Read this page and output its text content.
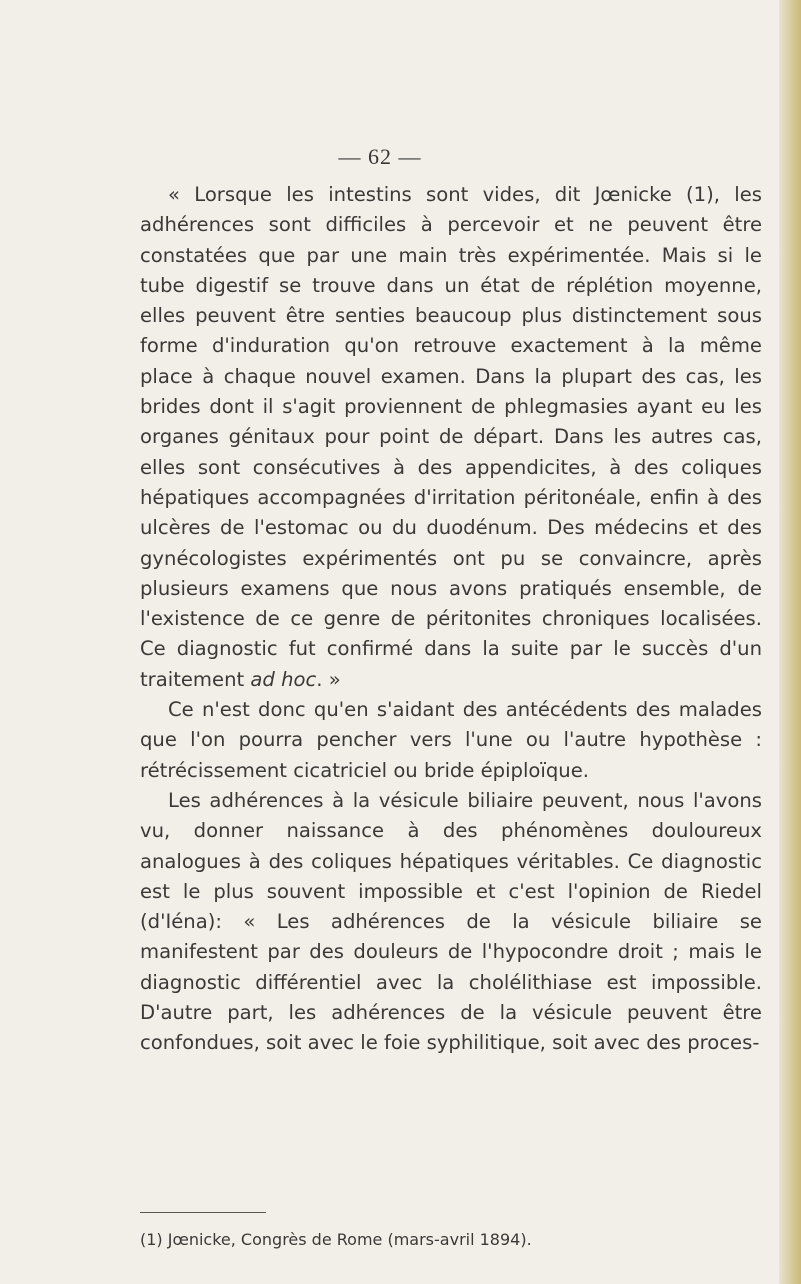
— 62 —

« Lorsque les intestins sont vides, dit Jœnicke (1), les adhérences sont difficiles à percevoir et ne peuvent être constatées que par une main très expérimentée. Mais si le tube digestif se trouve dans un état de réplétion moyenne, elles peuvent être senties beaucoup plus distinctement sous forme d'induration qu'on retrouve exactement à la même place à chaque nouvel examen. Dans la plupart des cas, les brides dont il s'agit proviennent de phlegmasies ayant eu les organes génitaux pour point de départ. Dans les autres cas, elles sont consécutives à des appendicites, à des coliques hépatiques accompagnées d'irritation péritonéale, enfin à des ulcères de l'estomac ou du duodénum. Des médecins et des gynécologistes expérimentés ont pu se convaincre, après plusieurs examens que nous avons pratiqués ensemble, de l'existence de ce genre de péritonites chroniques localisées. Ce diagnostic fut confirmé dans la suite par le succès d'un traitement ad hoc. »

Ce n'est donc qu'en s'aidant des antécédents des malades que l'on pourra pencher vers l'une ou l'autre hypothèse : rétrécissement cicatriciel ou bride épiploïque.

Les adhérences à la vésicule biliaire peuvent, nous l'avons vu, donner naissance à des phénomènes douloureux analogues à des coliques hépatiques véritables. Ce diagnostic est le plus souvent impossible et c'est l'opinion de Riedel (d'Iéna): « Les adhérences de la vésicule biliaire se manifestent par des douleurs de l'hypocondre droit ; mais le diagnostic différentiel avec la cholélithiase est impossible. D'autre part, les adhérences de la vésicule peuvent être confondues, soit avec le foie syphilitique, soit avec des proces-

(1) Jœnicke, Congrès de Rome (mars-avril 1894).
